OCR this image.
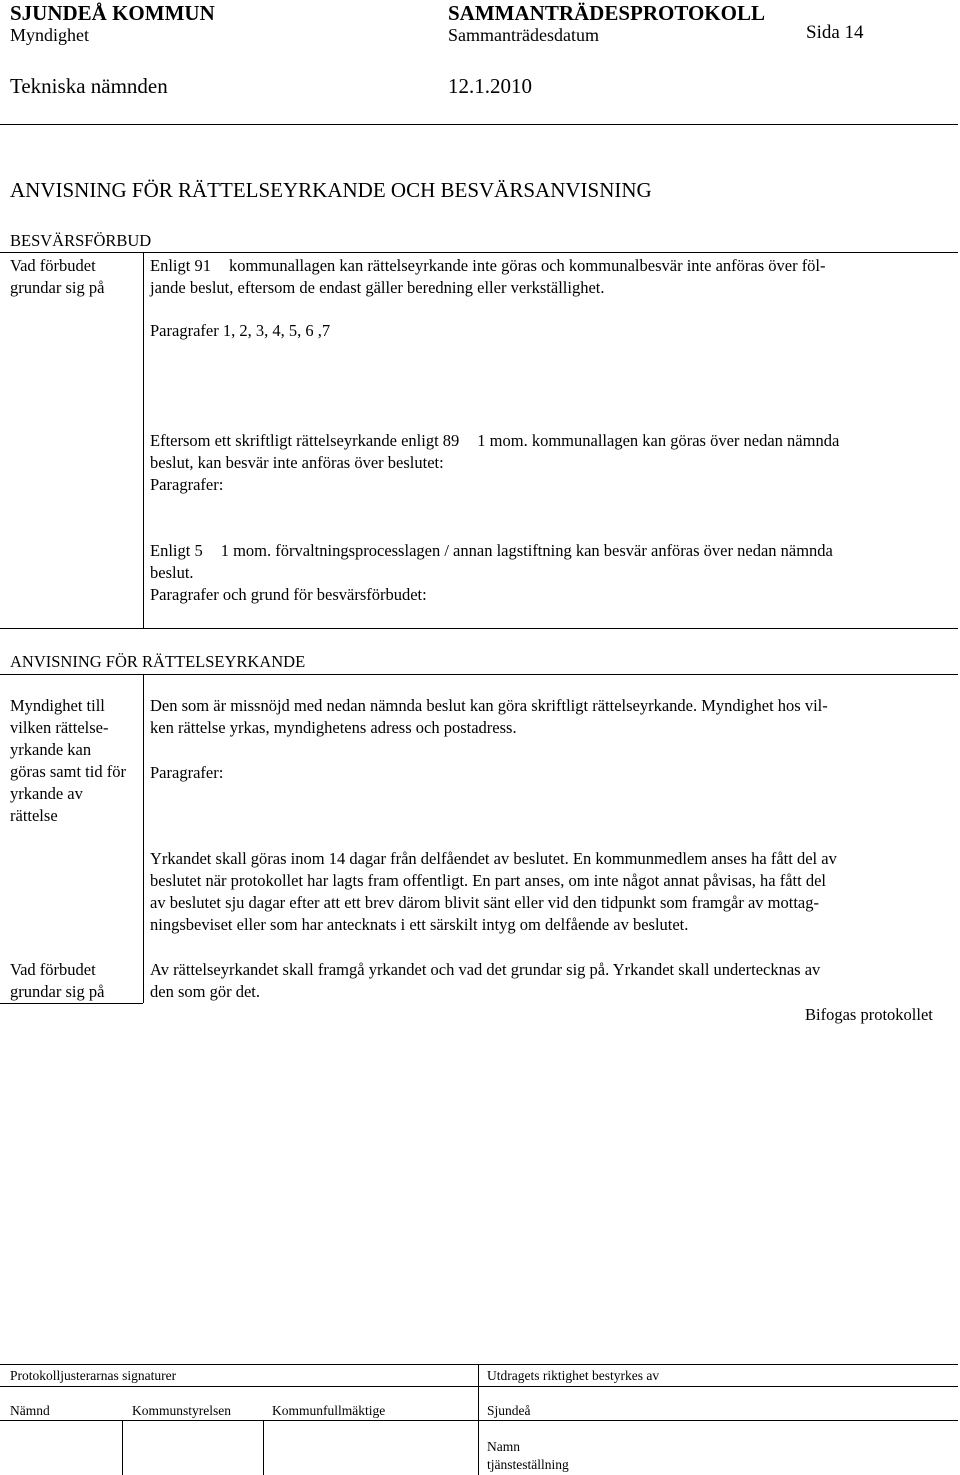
SJUNDEÅ KOMMUN
Myndighet
Tekniska nämnden
SAMMANTRÄDESPROTOKOLL
Sammanträdesdatum
12.1.2010
Sida 14
ANVISNING FÖR RÄTTELSEYRKANDE OCH BESVÄRSANVISNING
BESVÄRSFÖRBUD
Vad förbudet grundar sig på
Enligt 91 kommunallagen kan rättelseyrkande inte göras och kommunalbesvär inte anföras över föl-
jande beslut, eftersom de endast gäller beredning eller verkställighet.
Paragrafer 1, 2, 3, 4, 5, 6 ,7
Eftersom ett skriftligt rättelseyrkande enligt 89 1 mom. kommunallagen kan göras över nedan nämnda
beslut, kan besvär inte anföras över beslutet:
Paragrafer:
Enligt 5 1 mom. förvaltningsprocesslagen / annan lagstiftning kan besvär anföras över nedan nämnda
beslut.
Paragrafer och grund för besvärsförbudet:
ANVISNING FÖR RÄTTELSEYRKANDE
Myndighet till vilken rättelse-yrkande kan göras samt tid för yrkande av rättelse
Den som är missnöjd med nedan nämnda beslut kan göra skriftligt rättelseyrkande. Myndighet hos vil-
ken rättelse yrkas, myndighetens adress och postadress.
Paragrafer:
Yrkandet skall göras inom 14 dagar från delfåendet av beslutet. En kommunmedlem anses ha fått del av
beslutet när protokollet har lagts fram offentligt. En part anses, om inte något annat påvisas, ha fått del
av beslutet sju dagar efter att ett brev därom blivit sänt eller vid den tidpunkt som framgår av mottag-
ningsbeviset eller som har antecknats i ett särskilt intyg om delfående av beslutet.
Vad förbudet grundar sig på
Av rättelseyrkandet skall framgå yrkandet och vad det grundar sig på. Yrkandet skall undertecknas av
den som gör det.
Bifogas protokollet
Protokolljusterarnas signaturer	Utdragets riktighet bestyrkes av
Nämnd	Kommunstyrelsen	Kommunfullmäktige	Sjundeå
Namn
tjänsteställning
